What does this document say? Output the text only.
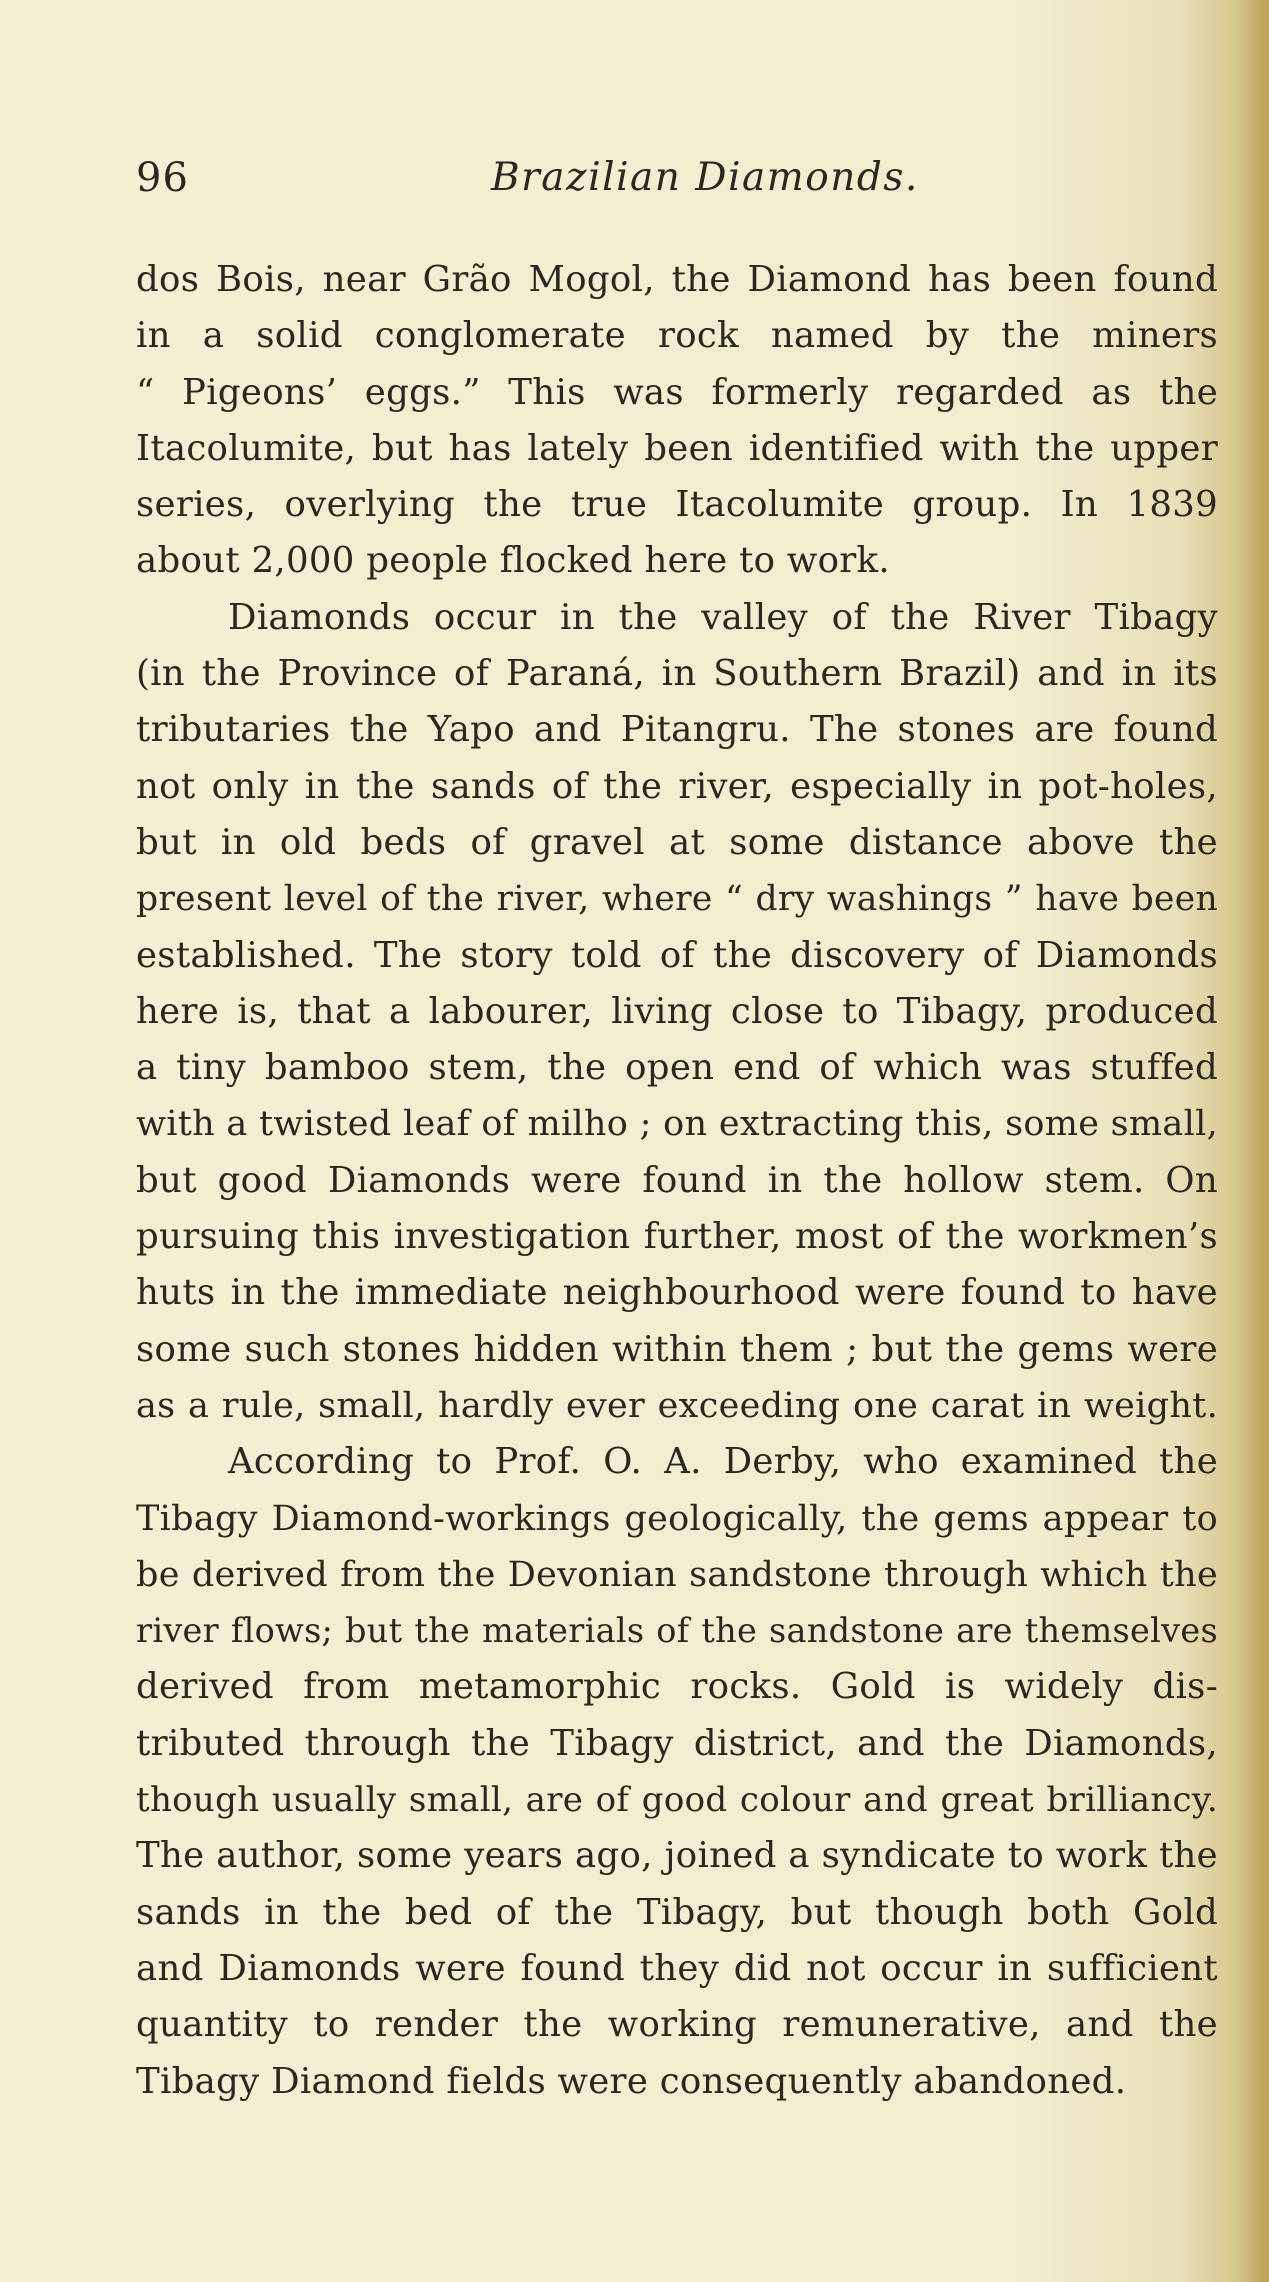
96	Brazilian Diamonds.
dos Bois, near Grão Mogol, the Diamond has been found
in a solid conglomerate rock named by the miners
“ Pigeons’ eggs.” This was formerly regarded as the
Itacolumite, but has lately been identified with the upper
series, overlying the true Itacolumite group. In 1839
about 2,000 people flocked here to work.
Diamonds occur in the valley of the River Tibagy
(in the Province of Paraná, in Southern Brazil) and in its
tributaries the Yapo and Pitangru. The stones are found
not only in the sands of the river, especially in pot-holes,
but in old beds of gravel at some distance above the
present level of the river, where “ dry washings ” have been
established. The story told of the discovery of Diamonds
here is, that a labourer, living close to Tibagy, produced
a tiny bamboo stem, the open end of which was stuffed
with a twisted leaf of milho ; on extracting this, some small,
but good Diamonds were found in the hollow stem. On
pursuing this investigation further, most of the workmen’s
huts in the immediate neighbourhood were found to have
some such stones hidden within them ; but the gems were
as a rule, small, hardly ever exceeding one carat in weight.
According to Prof. O. A. Derby, who examined the
Tibagy Diamond-workings geologically, the gems appear to
be derived from the Devonian sandstone through which the
river flows; but the materials of the sandstone are themselves
derived from metamorphic rocks. Gold is widely dis-
tributed through the Tibagy district, and the Diamonds,
though usually small, are of good colour and great brilliancy.
The author, some years ago, joined a syndicate to work the
sands in the bed of the Tibagy, but though both Gold
and Diamonds were found they did not occur in sufficient
quantity to render the working remunerative, and the
Tibagy Diamond fields were consequently abandoned.
